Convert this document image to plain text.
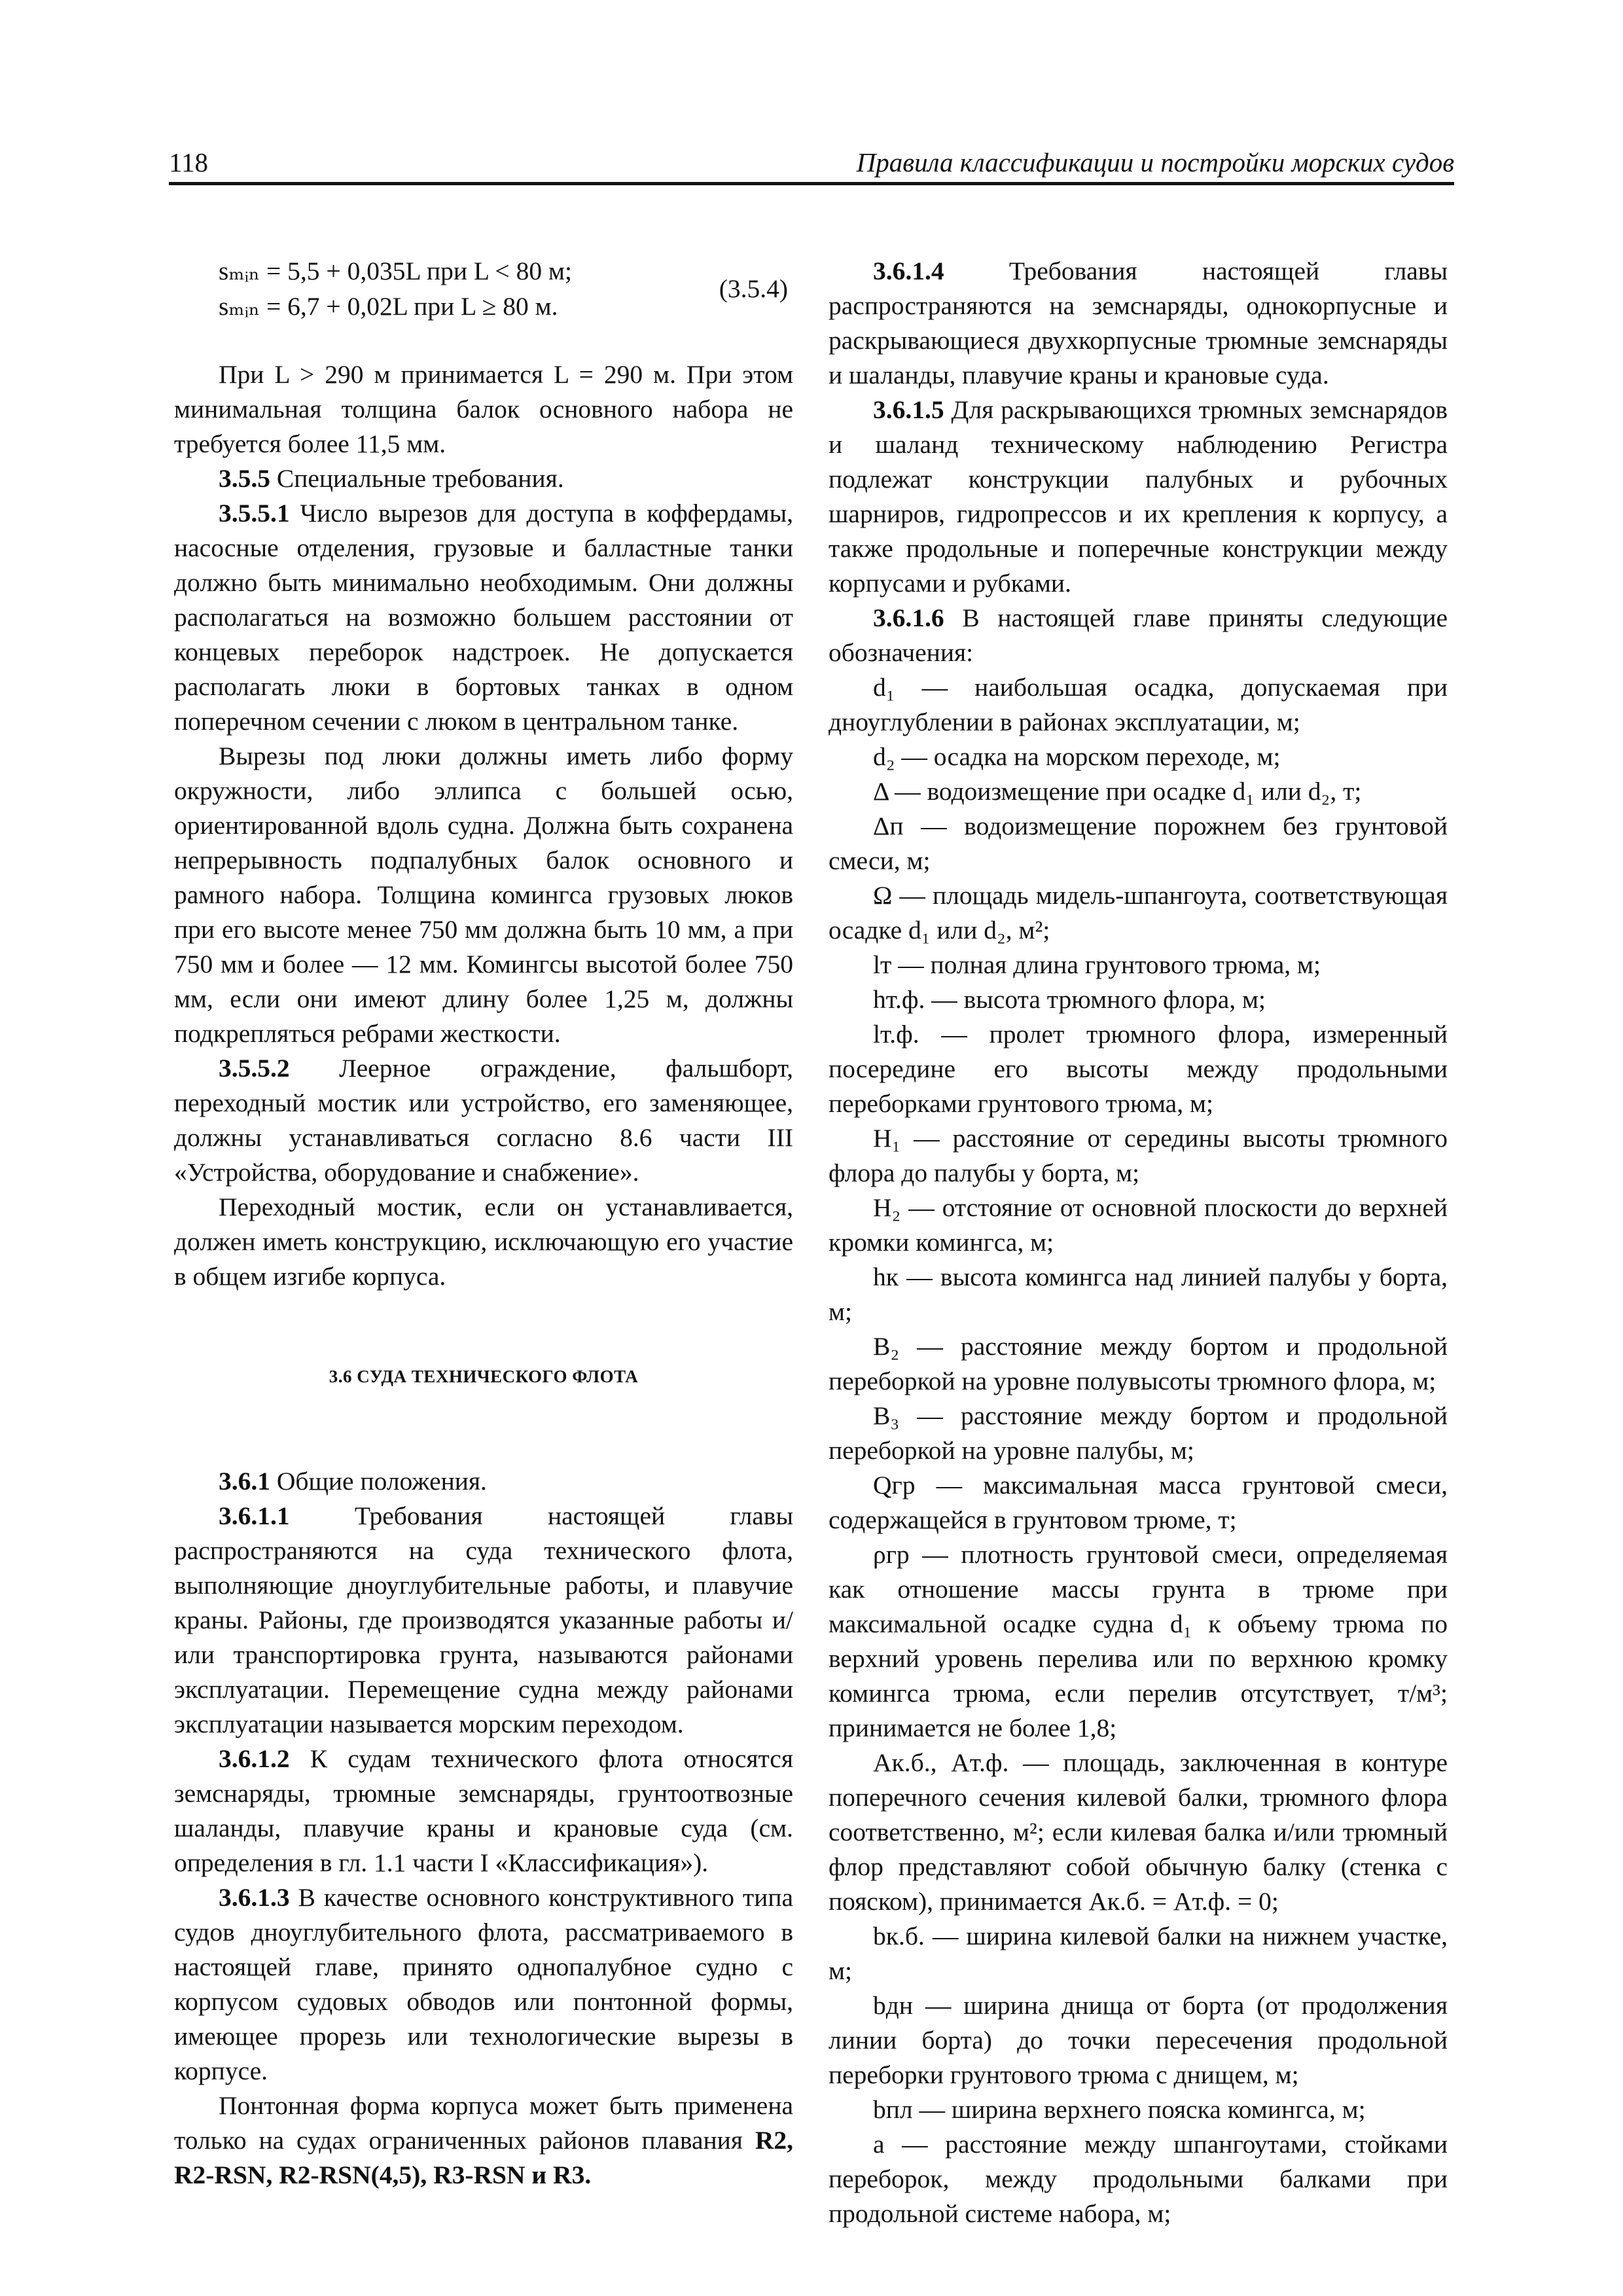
118	Правила классификации и постройки морских судов
sₘᵢₙ = 5,5 + 0,035L при L < 80 м;
sₘᵢₙ = 6,7 + 0,02L при L ≥ 80 м.
(3.5.4)

При L > 290 м принимается L = 290 м. При этом минимальная толщина балок основного набора не требуется более 11,5 мм.

3.5.5 Специальные требования.

3.5.5.1 Число вырезов для доступа в коффердамы, насосные отделения, грузовые и балластные танки должно быть минимально необходимым. Они должны располагаться на возможно большем расстоянии от концевых переборок надстроек. Не допускается располагать люки в бортовых танках в одном поперечном сечении с люком в центральном танке.

Вырезы под люки должны иметь либо форму окружности, либо эллипса с большей осью, ориентированной вдоль судна. Должна быть сохранена непрерывность подпалубных балок основного и рамного набора. Толщина комингса грузовых люков при его высоте менее 750 мм должна быть 10 мм, а при 750 мм и более — 12 мм. Комингсы высотой более 750 мм, если они имеют длину более 1,25 м, должны подкрепляться ребрами жесткости.

3.5.5.2 Леерное ограждение, фальшборт, переходный мостик или устройство, его заменяющее, должны устанавливаться согласно 8.6 части III «Устройства, оборудование и снабжение».

Переходный мостик, если он устанавливается, должен иметь конструкцию, исключающую его участие в общем изгибе корпуса.

3.6 СУДА ТЕХНИЧЕСКОГО ФЛОТА

3.6.1 Общие положения.

3.6.1.1 Требования настоящей главы распространяются на суда технического флота, выполняющие дноуглубительные работы, и плавучие краны. Районы, где производятся указанные работы и/или транспортировка грунта, называются районами эксплуатации. Перемещение судна между районами эксплуатации называется морским переходом.

3.6.1.2 К судам технического флота относятся земснаряды, трюмные земснаряды, грунтоотвозные шаланды, плавучие краны и крановые суда (см. определения в гл. 1.1 части I «Классификация»).

3.6.1.3 В качестве основного конструктивного типа судов дноуглубительного флота, рассматриваемого в настоящей главе, принято однопалубное судно с корпусом судовых обводов или понтонной формы, имеющее прорезь или технологические вырезы в корпусе.

Понтонная форма корпуса может быть применена только на судах ограниченных районов плавания R2, R2-RSN, R2-RSN(4,5), R3-RSN и R3.

3.6.1.4 Требования настоящей главы распространяются на земснаряды, однокорпусные и раскрывающиеся двухкорпусные трюмные земснаряды и шаланды, плавучие краны и крановые суда.

3.6.1.5 Для раскрывающихся трюмных земснарядов и шаланд техническому наблюдению Регистра подлежат конструкции палубных и рубочных шарниров, гидропрессов и их крепления к корпусу, а также продольные и поперечные конструкции между корпусами и рубками.

3.6.1.6 В настоящей главе приняты следующие обозначения:

d₁ — наибольшая осадка, допускаемая при дноуглублении в районах эксплуатации, м;

d₂ — осадка на морском переходе, м;

Δ — водоизмещение при осадке d₁ или d₂, т;

Δп — водоизмещение порожнем без грунтовой смеси, м;

Ω — площадь мидель-шпангоута, соответствующая осадке d₁ или d₂, м²;

lт — полная длина грунтового трюма, м;

hт.ф. — высота трюмного флора, м;

lт.ф. — пролет трюмного флора, измеренный посередине его высоты между продольными переборками грунтового трюма, м;

H₁ — расстояние от середины высоты трюмного флора до палубы у борта, м;

H₂ — отстояние от основной плоскости до верхней кромки комингса, м;

hк — высота комингса над линией палубы у борта, м;

B₂ — расстояние между бортом и продольной переборкой на уровне полувысоты трюмного флора, м;

B₃ — расстояние между бортом и продольной переборкой на уровне палубы, м;

Qгр — максимальная масса грунтовой смеси, содержащейся в грунтовом трюме, т;

ρгр — плотность грунтовой смеси, определяемая как отношение массы грунта в трюме при максимальной осадке судна d₁ к объему трюма по верхний уровень перелива или по верхнюю кромку комингса трюма, если перелив отсутствует, т/м³; принимается не более 1,8;

Aк.б., Aт.ф. — площадь, заключенная в контуре поперечного сечения килевой балки, трюмного флора соответственно, м²; если килевая балка и/или трюмный флор представляют собой обычную балку (стенка с пояском), принимается Aк.б. = Aт.ф. = 0;

bк.б. — ширина килевой балки на нижнем участке, м;

bдн — ширина днища от борта (от продолжения линии борта) до точки пересечения продольной переборки грунтового трюма с днищем, м;

bпл — ширина верхнего пояска комингса, м;

a — расстояние между шпангоутами, стойками переборок, между продольными балками при продольной системе набора, м;
